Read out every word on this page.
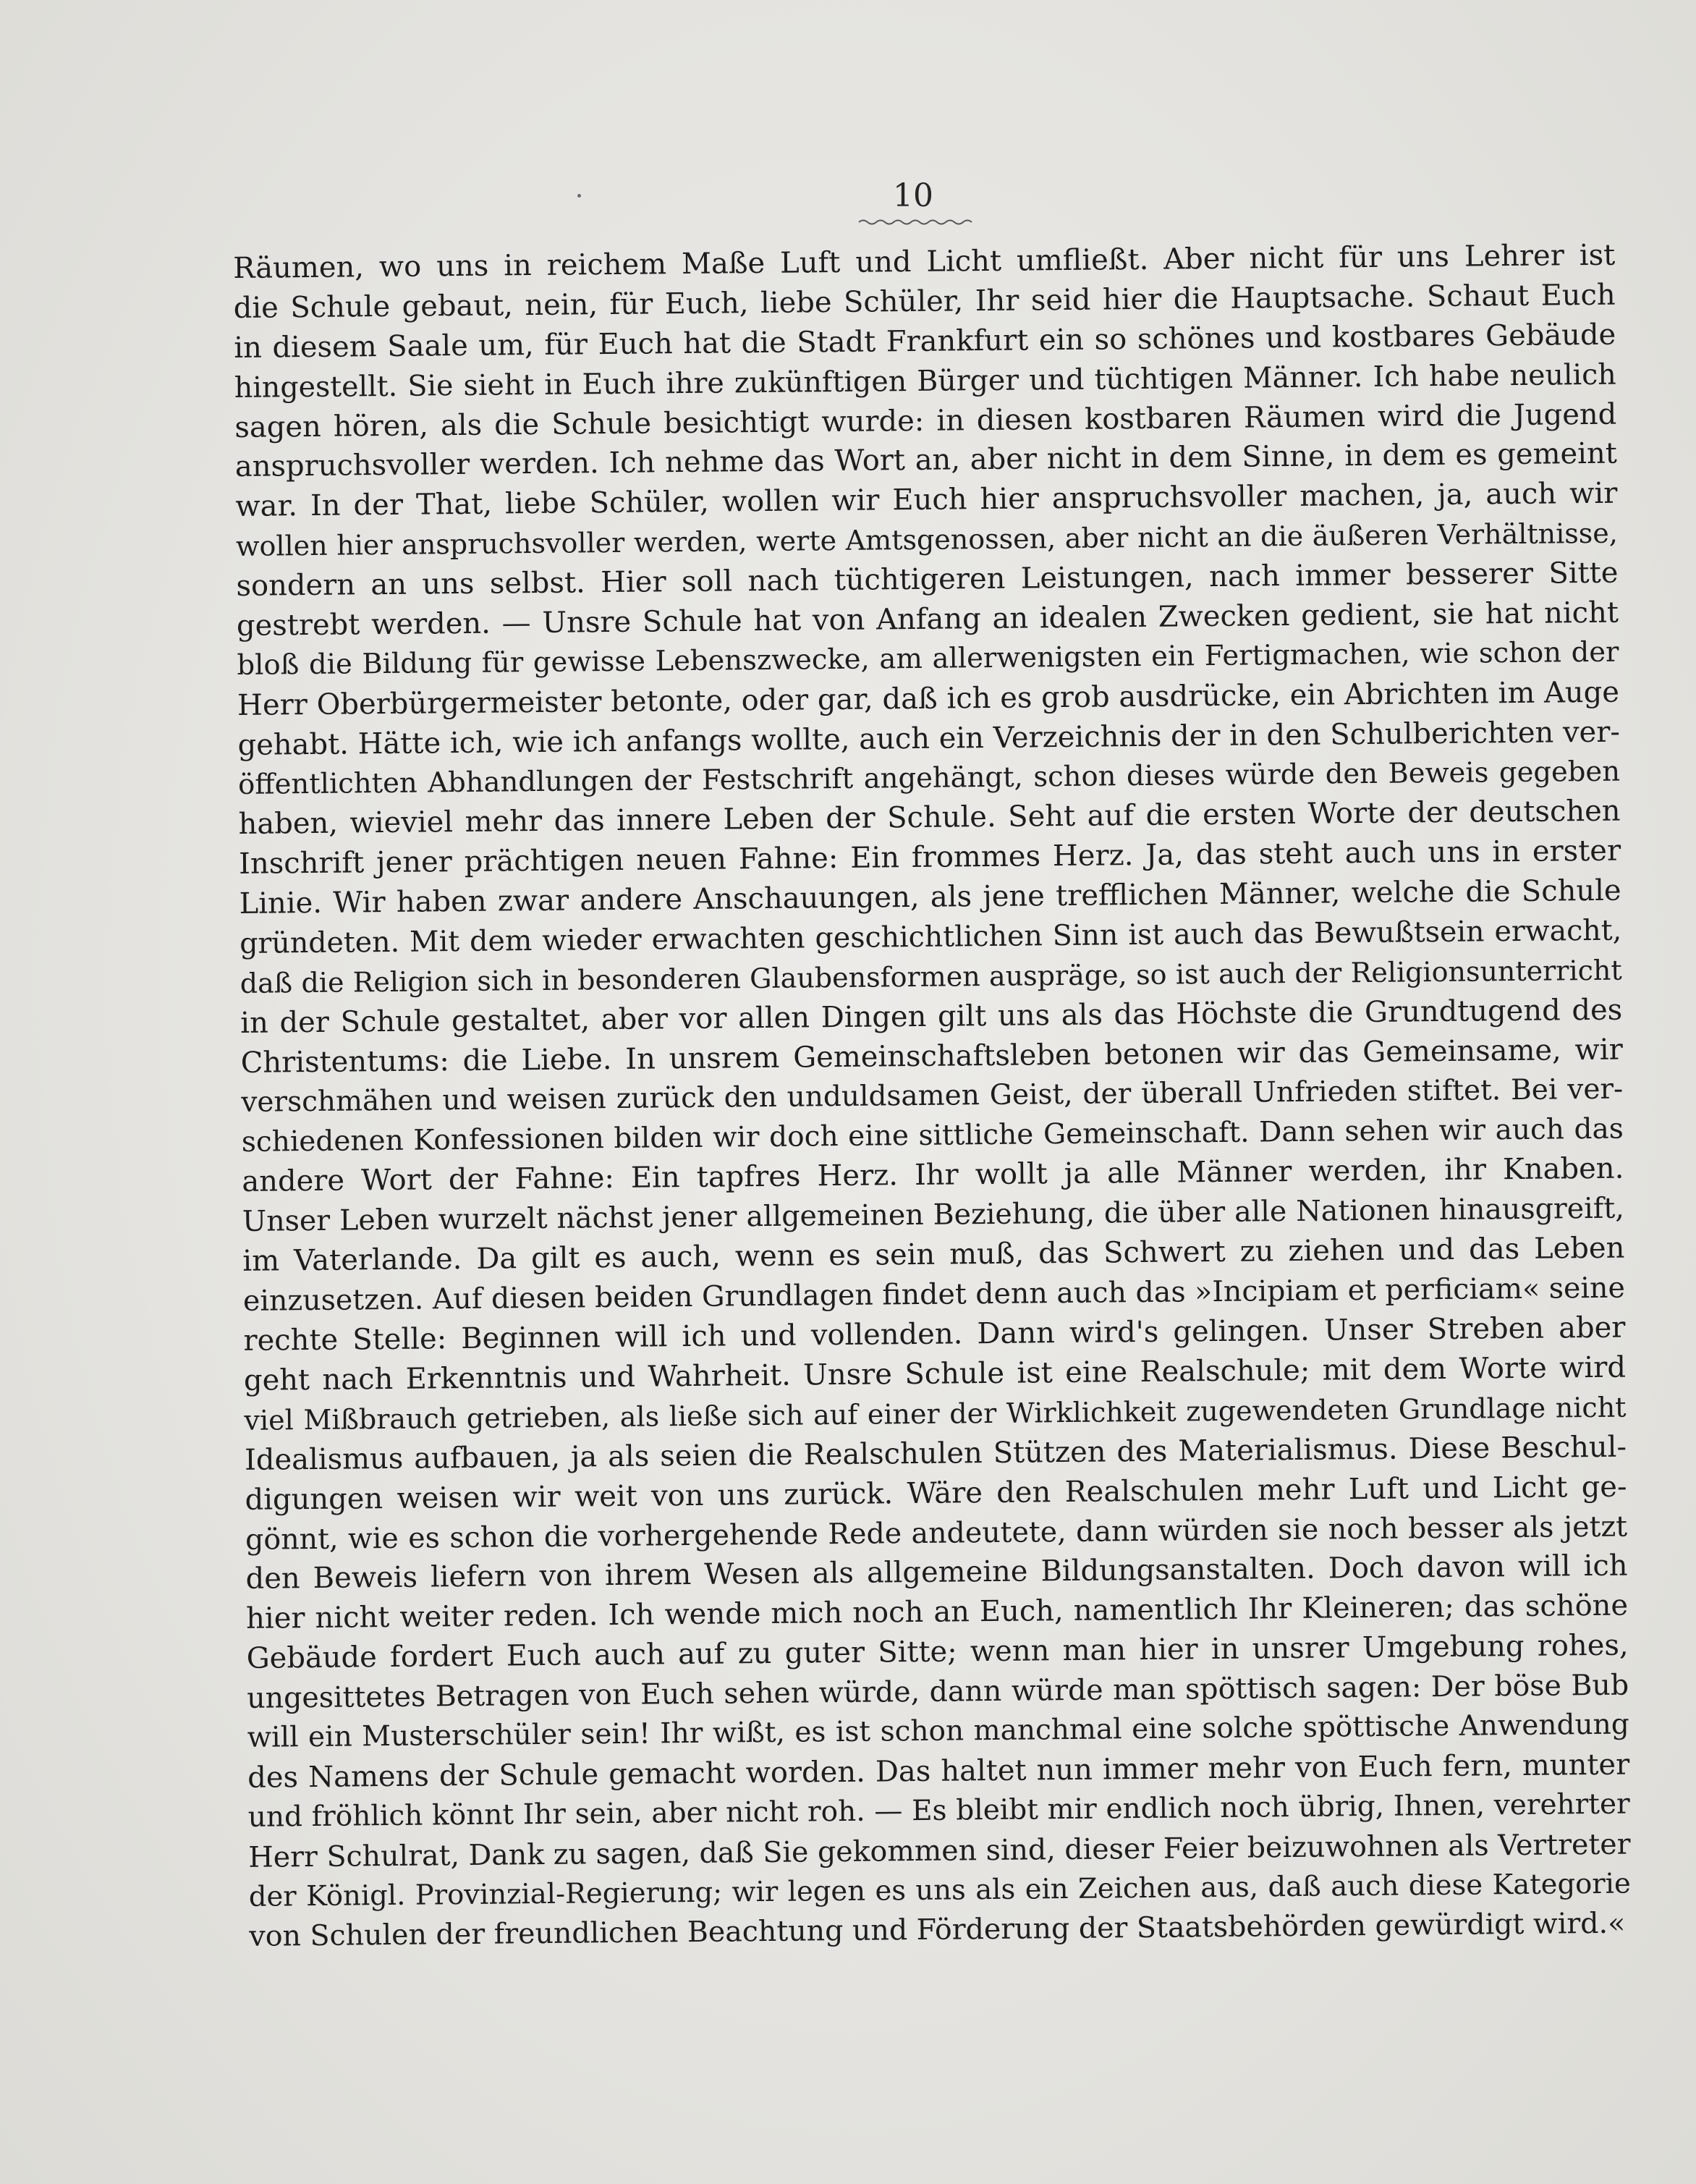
10

Räumen, wo uns in reichem Maße Luft und Licht umfließt. Aber nicht für uns Lehrer ist

die Schule gebaut, nein, für Euch, liebe Schüler, Ihr seid hier die Hauptsache. Schaut Euch

in diesem Saale um, für Euch hat die Stadt Frankfurt ein so schönes und kostbares Gebäude

hingestellt. Sie sieht in Euch ihre zukünftigen Bürger und tüchtigen Männer. Ich habe neulich

sagen hören, als die Schule besichtigt wurde: in diesen kostbaren Räumen wird die Jugend

anspruchsvoller werden. Ich nehme das Wort an, aber nicht in dem Sinne, in dem es gemeint

war. In der That, liebe Schüler, wollen wir Euch hier anspruchsvoller machen, ja, auch wir

wollen hier anspruchsvoller werden, werte Amtsgenossen, aber nicht an die äußeren Verhältnisse,

sondern an uns selbst. Hier soll nach tüchtigeren Leistungen, nach immer besserer Sitte

gestrebt werden. — Unsre Schule hat von Anfang an idealen Zwecken gedient, sie hat nicht

bloß die Bildung für gewisse Lebenszwecke, am allerwenigsten ein Fertigmachen, wie schon der

Herr Oberbürgermeister betonte, oder gar, daß ich es grob ausdrücke, ein Abrichten im Auge

gehabt. Hätte ich, wie ich anfangs wollte, auch ein Verzeichnis der in den Schulberichten ver-

öffentlichten Abhandlungen der Festschrift angehängt, schon dieses würde den Beweis gegeben

haben, wieviel mehr das innere Leben der Schule. Seht auf die ersten Worte der deutschen

Inschrift jener prächtigen neuen Fahne: Ein frommes Herz. Ja, das steht auch uns in erster

Linie. Wir haben zwar andere Anschauungen, als jene trefflichen Männer, welche die Schule

gründeten. Mit dem wieder erwachten geschichtlichen Sinn ist auch das Bewußtsein erwacht,

daß die Religion sich in besonderen Glaubensformen auspräge, so ist auch der Religionsunterricht

in der Schule gestaltet, aber vor allen Dingen gilt uns als das Höchste die Grundtugend des

Christentums: die Liebe. In unsrem Gemeinschaftsleben betonen wir das Gemeinsame, wir

verschmähen und weisen zurück den unduldsamen Geist, der überall Unfrieden stiftet. Bei ver-

schiedenen Konfessionen bilden wir doch eine sittliche Gemeinschaft. Dann sehen wir auch das

andere Wort der Fahne: Ein tapfres Herz. Ihr wollt ja alle Männer werden, ihr Knaben.

Unser Leben wurzelt nächst jener allgemeinen Beziehung, die über alle Nationen hinausgreift,

im Vaterlande. Da gilt es auch, wenn es sein muß, das Schwert zu ziehen und das Leben

einzusetzen. Auf diesen beiden Grundlagen findet denn auch das »Incipiam et perficiam« seine

rechte Stelle: Beginnen will ich und vollenden. Dann wird's gelingen. Unser Streben aber

geht nach Erkenntnis und Wahrheit. Unsre Schule ist eine Realschule; mit dem Worte wird

viel Mißbrauch getrieben, als ließe sich auf einer der Wirklichkeit zugewendeten Grundlage nicht

Idealismus aufbauen, ja als seien die Realschulen Stützen des Materialismus. Diese Beschul-

digungen weisen wir weit von uns zurück. Wäre den Realschulen mehr Luft und Licht ge-

gönnt, wie es schon die vorhergehende Rede andeutete, dann würden sie noch besser als jetzt

den Beweis liefern von ihrem Wesen als allgemeine Bildungsanstalten. Doch davon will ich

hier nicht weiter reden. Ich wende mich noch an Euch, namentlich Ihr Kleineren; das schöne

Gebäude fordert Euch auch auf zu guter Sitte; wenn man hier in unsrer Umgebung rohes,

ungesittetes Betragen von Euch sehen würde, dann würde man spöttisch sagen: Der böse Bub

will ein Musterschüler sein! Ihr wißt, es ist schon manchmal eine solche spöttische Anwendung

des Namens der Schule gemacht worden. Das haltet nun immer mehr von Euch fern, munter

und fröhlich könnt Ihr sein, aber nicht roh. — Es bleibt mir endlich noch übrig, Ihnen, verehrter

Herr Schulrat, Dank zu sagen, daß Sie gekommen sind, dieser Feier beizuwohnen als Vertreter

der Königl. Provinzial-Regierung; wir legen es uns als ein Zeichen aus, daß auch diese Kategorie

von Schulen der freundlichen Beachtung und Förderung der Staatsbehörden gewürdigt wird.«
